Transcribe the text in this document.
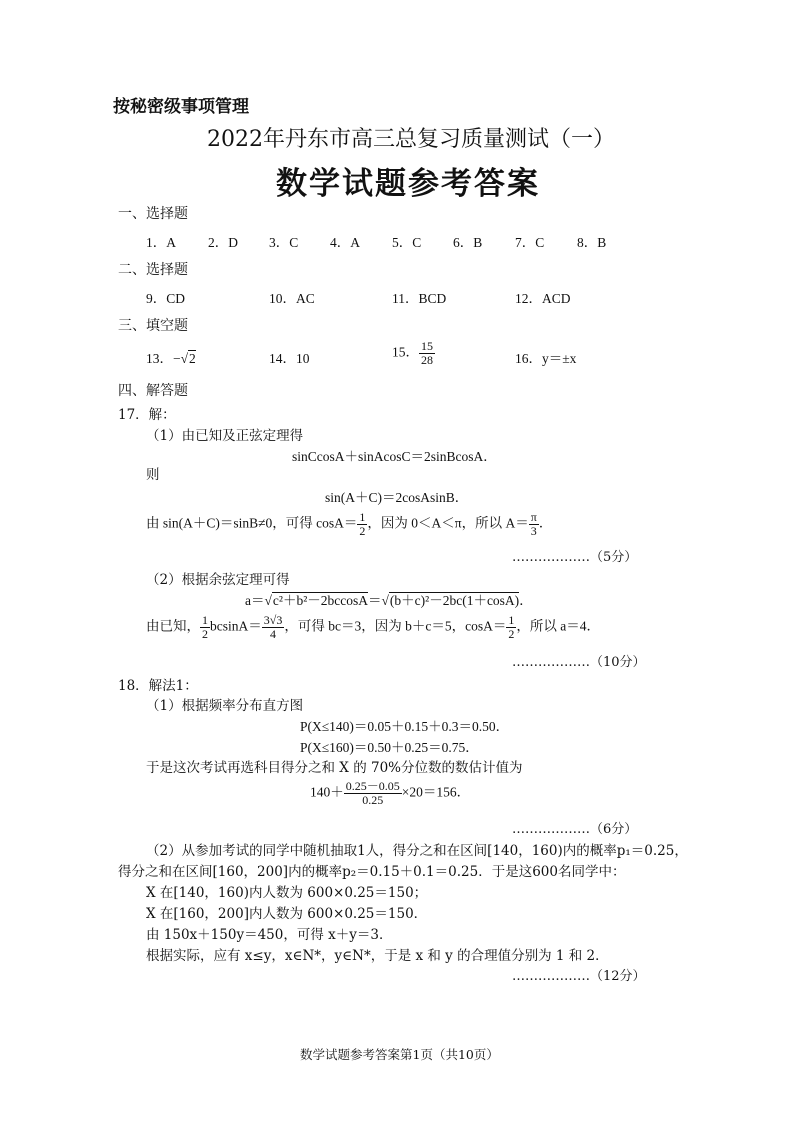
按秘密级事项管理
2022年丹东市高三总复习质量测试（一）
数学试题参考答案
一、选择题
1．A 2．D 3．C 4．A 5．C 6．B 7．C 8．B
二、选择题
9．CD	10．AC	11．BCD	12．ACD
三、填空题
13．−√2	14．10	15． $\frac{15}{28}$	16．y＝±x
四、解答题
17．解：
（1）由已知及正弦定理得
sinCcosA＋sinAcosC＝2sinBcosA．
则
sin(A＋C)＝2cosAsinB．
由 sin(A＋C)＝sinB≠0，可得 $\cos A= \frac{1}{2}$ ，因为 0＜A＜π，所以 $A= \frac{\pi}{3}$ ．
………………（5分）
（2）根据余弦定理可得
a＝√c²＋b²－2bccosA＝√(b＋c)²－2bc(1＋cosA)．
由已知， $\frac{1}{2} bcsinA= \frac{3√3}{4}$ ，可得 bc＝3，因为 b＋c＝5，$\cos A= \frac{1}{2}$ ，所以 a＝4．
………………（10分）
18．解法1：
（1）根据频率分布直方图
P(X≤140)＝0.05＋0.15＋0.3＝0.50．
P(X≤160)＝0.50＋0.25＝0.75．
于是这次考试再选科目得分之和 X 的 70%分位数的数估计值为
$140+ \frac{0.25-0.05}{0.25} \times 20=156$．
………………（6分）
（2）从参加考试的同学中随机抽取1人，得分之和在区间[140，160)内的概率p₁＝0.25，
得分之和在区间[160，200]内的概率p₂＝0.15＋0.1＝0.25．于是这600名同学中：
X 在[140，160)内人数为 600×0.25＝150；
X 在[160，200]内人数为 600×0.25＝150．
由 150x＋150y＝450，可得 x＋y＝3．
根据实际，应有 x≤y，x∈N*，y∈N*，于是 x 和 y 的合理值分别为 1 和 2．
………………（12分）
数学试题参考答案第1页（共10页）
